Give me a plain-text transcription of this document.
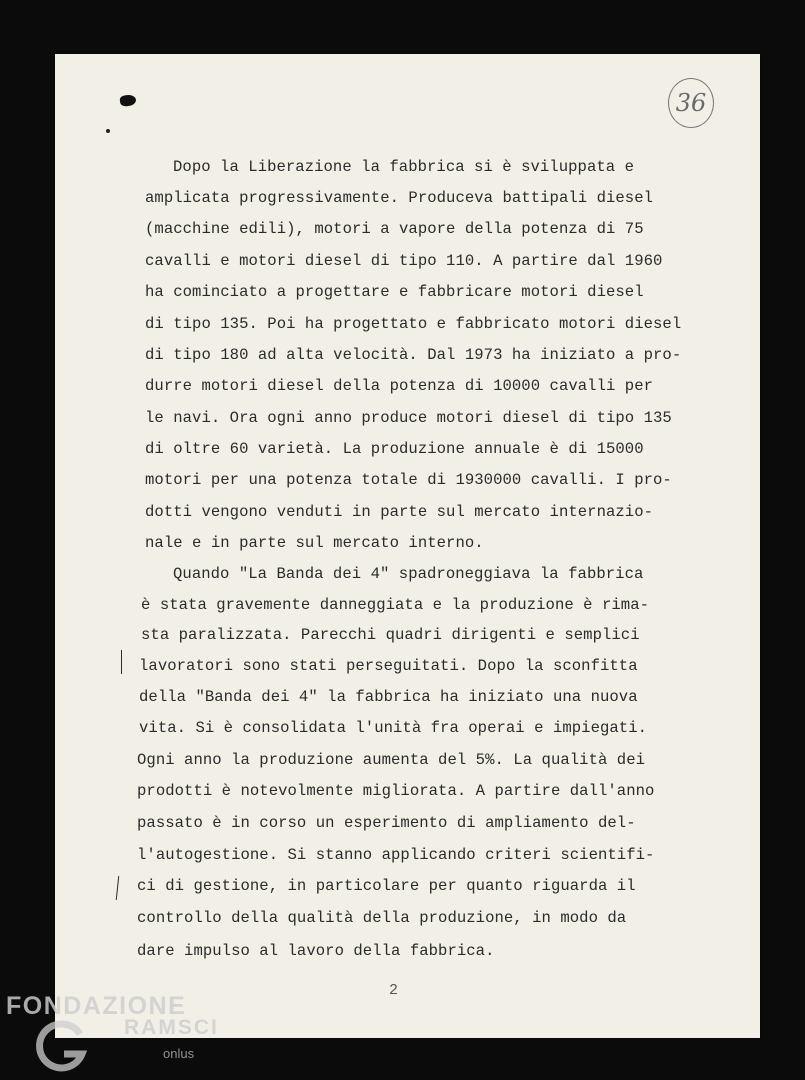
36
Dopo la Liberazione la fabbrica si è sviluppata e
amplicata progressivamente. Produceva battipali diesel
(macchine edili), motori a vapore della potenza di 75
cavalli e motori diesel di tipo 110. A partire dal 1960
ha cominciato a progettare e fabbricare motori diesel
di tipo 135. Poi ha progettato e fabbricato motori diesel
di tipo 180 ad alta velocità. Dal 1973 ha iniziato a pro-
durre motori diesel della potenza di 10000 cavalli per
le navi. Ora ogni anno produce motori diesel di tipo 135
di oltre 60 varietà. La produzione annuale è di 15000
motori per una potenza totale di 1930000 cavalli. I pro-
dotti vengono venduti in parte sul mercato internazio-
nale e in parte sul mercato interno.
Quando "La Banda dei 4" spadroneggiava la fabbrica
è stata gravemente danneggiata e la produzione è rima-
sta paralizzata. Parecchi quadri dirigenti e semplici
lavoratori sono stati perseguitati. Dopo la sconfitta
della "Banda dei 4" la fabbrica ha iniziato una nuova
vita. Si è consolidata l'unità fra operai e impiegati.
Ogni anno la produzione aumenta del 5%. La qualità dei
prodotti è notevolmente migliorata. A partire dall'anno
passato è in corso un esperimento di ampliamento del-
l'autogestione. Si stanno applicando criteri scientifi-
ci di gestione, in particolare per quanto riguarda il
controllo della qualità della produzione, in modo da
dare impulso al lavoro della fabbrica.
2
FONDAZIONE
RAMSCI
onlus
